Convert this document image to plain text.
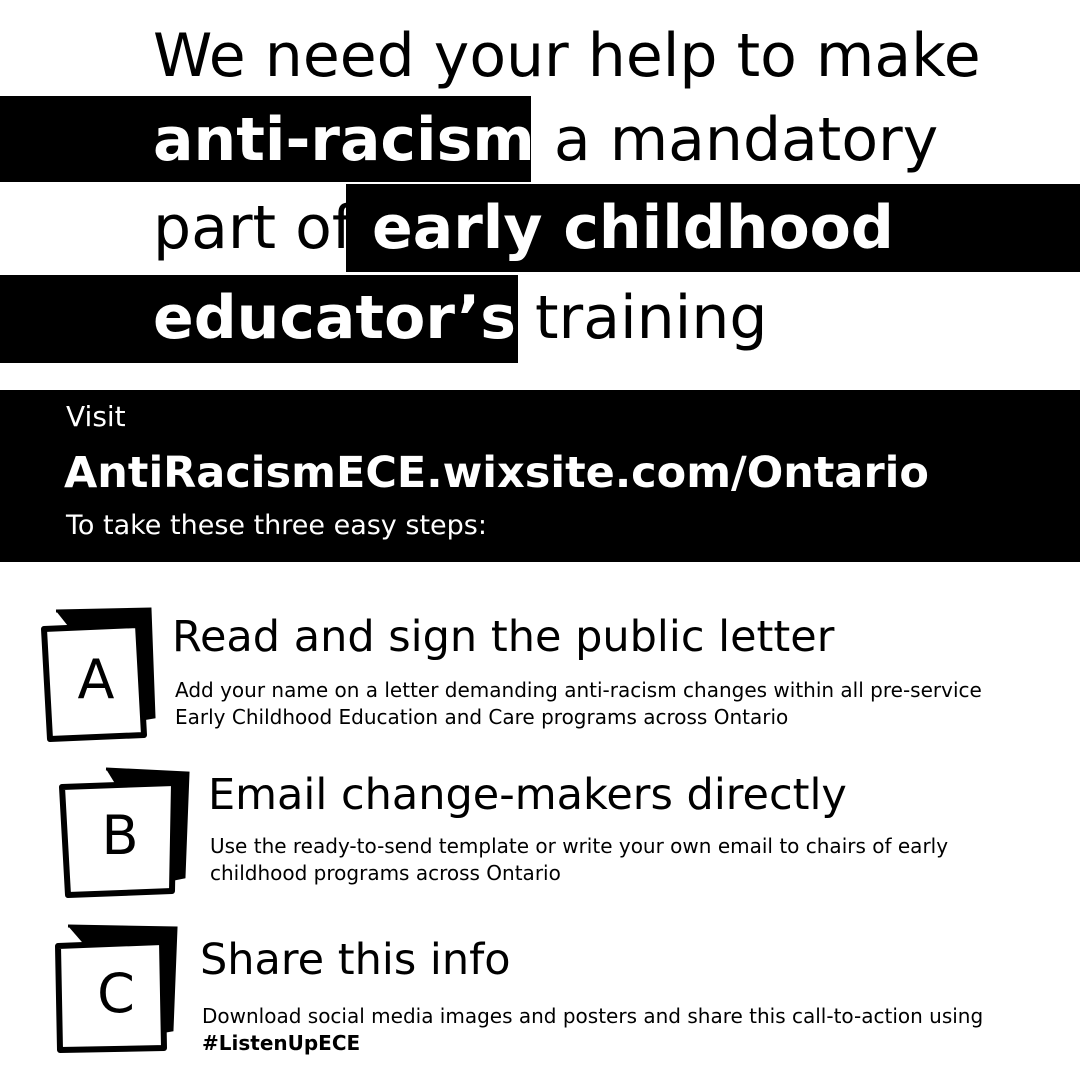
We need your help to make
anti-racism a mandatory
part of early childhood
educator’s training
Visit
AntiRacismECE.wixsite.com/Ontario
To take these three easy steps:
A
Read and sign the public letter
Add your name on a letter demanding anti-racism changes within all pre-service
Early Childhood Education and Care programs across Ontario
B
Email change-makers directly
Use the ready-to-send template or write your own email to chairs of early
childhood programs across Ontario
C
Share this info
Download social media images and posters and share this call-to-action using
#ListenUpECE
